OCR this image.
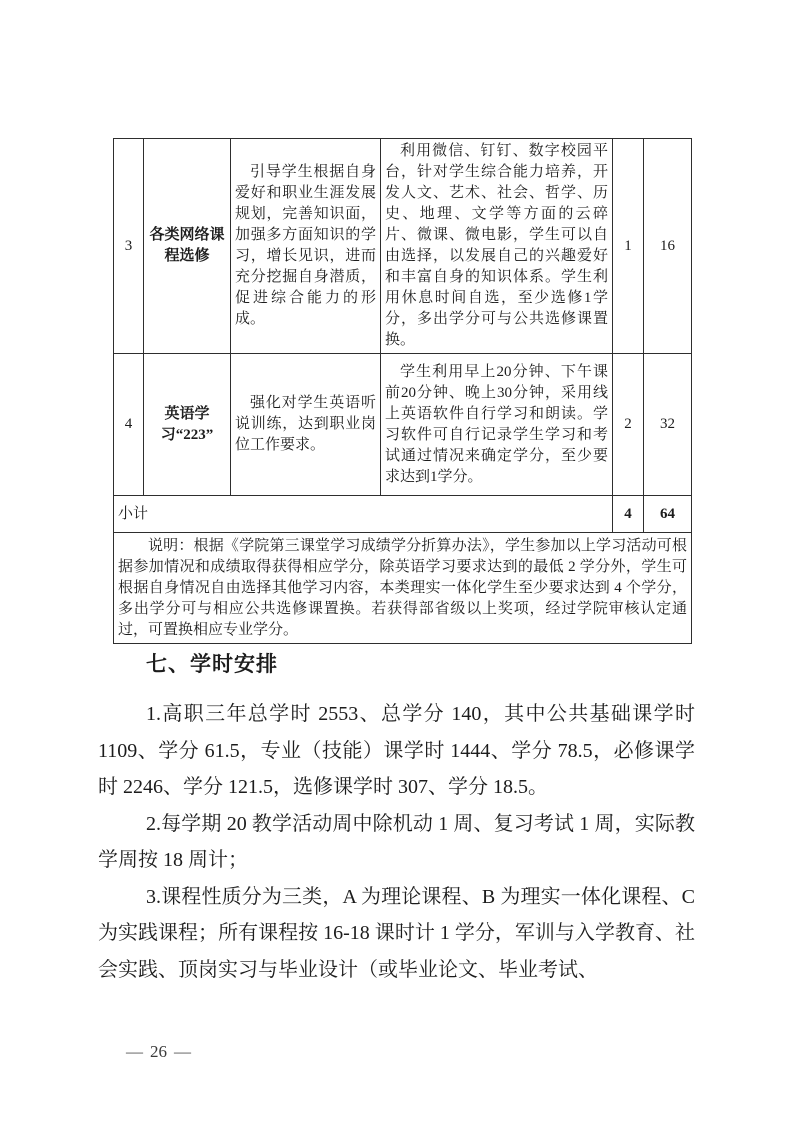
3	各类网络课程选修	引导学生根据自身爱好和职业生涯发展规划，完善知识面，加强多方面知识的学习，增长见识，进而充分挖掘自身潜质，促进综合能力的形成。	利用微信、钉钉、数字校园平台，针对学生综合能力培养，开发人文、艺术、社会、哲学、历史、地理、文学等方面的云碎片、微课、微电影，学生可以自由选择，以发展自己的兴趣爱好和丰富自身的知识体系。学生利用休息时间自选，至少选修1学分，多出学分可与公共选修课置换。	1	16
4	英语学习“223”	强化对学生英语听说训练，达到职业岗位工作要求。	学生利用早上20分钟、下午课前20分钟、晚上30分钟，采用线上英语软件自行学习和朗读。学习软件可自行记录学生学习和考试通过情况来确定学分，至少要求达到1学分。	2	32
小计				4	64
说明：根据《学院第三课堂学习成绩学分折算办法》，学生参加以上学习活动可根据参加情况和成绩取得获得相应学分，除英语学习要求达到的最低 2 学分外，学生可根据自身情况自由选择其他学习内容，本类理实一体化学生至少要求达到 4 个学分，多出学分可与相应公共选修课置换。若获得部省级以上奖项，经过学院审核认定通过，可置换相应专业学分。					
七、学时安排

1.高职三年总学时 2553、总学分 140，其中公共基础课学时 1109、学分 61.5，专业（技能）课学时 1444、学分 78.5，必修课学时 2246、学分 121.5，选修课学时 307、学分 18.5。

2.每学期 20 教学活动周中除机动 1 周、复习考试 1 周，实际教学周按 18 周计；

3.课程性质分为三类，A 为理论课程、B 为理实一体化课程、C 为实践课程；所有课程按 16-18 课时计 1 学分，军训与入学教育、社会实践、顶岗实习与毕业设计（或毕业论文、毕业考试、

— 26 —
